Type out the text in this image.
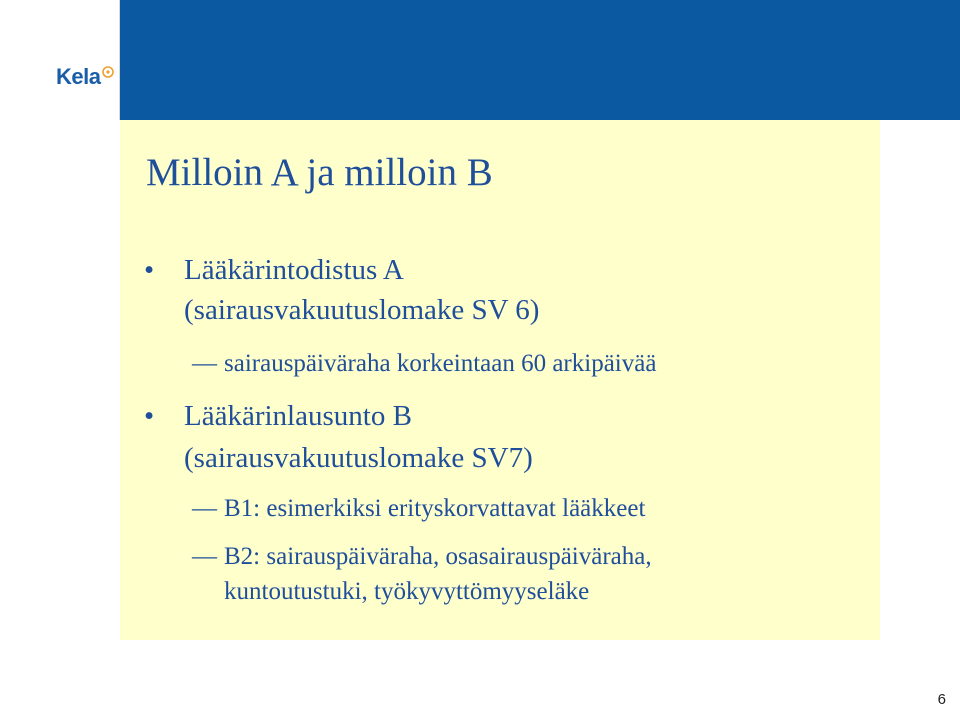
Kela
Milloin A ja milloin B
• Lääkärintodistus A
(sairausvakuutuslomake SV 6)
— sairauspäiväraha korkeintaan 60 arkipäivää
• Lääkärinlausunto B
(sairausvakuutuslomake SV7)
— B1: esimerkiksi erityskorvattavat lääkkeet
— B2: sairauspäiväraha, osasairauspäiväraha,
kuntoutustuki, työkyvyttömyyseläke
6
